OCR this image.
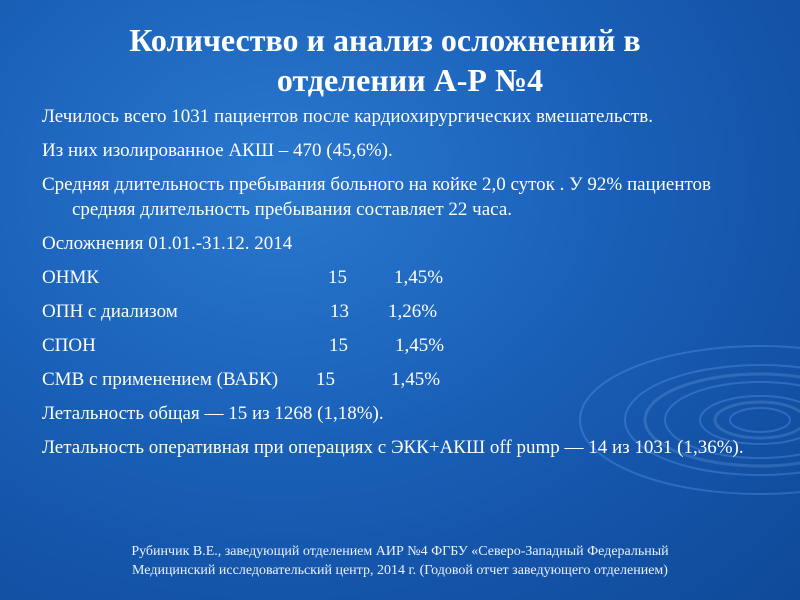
Количество и анализ осложнений в
отделении А-Р №4
Лечилось всего 1031 пациентов после кардиохирургических вмешательств.
Из них изолированное АКШ – 470 (45,6%).
Средняя длительность пребывания больного на койке 2,0 суток . У 92% пациентов средняя длительность пребывания составляет 22 часа.
Осложнения 01.01.-31.12. 2014
ОНМК	15 1,45%
ОПН с диализом	13 1,26%
СПОН	15 1,45%
СМВ с применением (ВАБК) 15	1,45%
Летальность общая — 15 из 1268 (1,18%).
Летальность оперативная при операциях с ЭКК+АКШ off pump — 14 из 1031 (1,36%).
Рубинчик В.Е., заведующий отделением АИР №4 ФГБУ «Северо-Западный Федеральный
Медицинский исследовательский центр, 2014 г. (Годовой отчет заведующего отделением)
